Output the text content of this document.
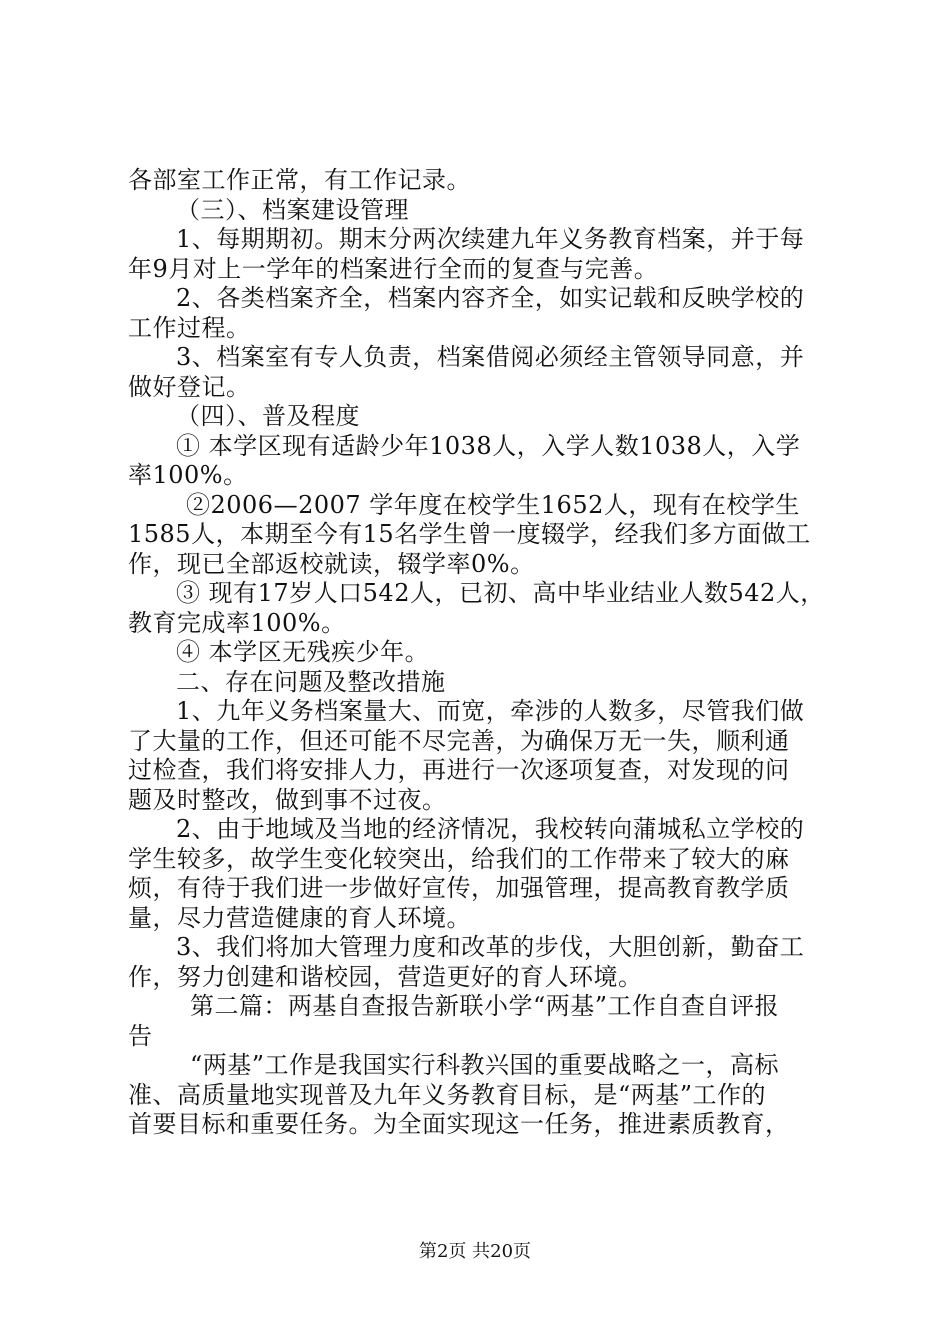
各部室工作正常，有工作记录。
（三）、档案建设管理
1、每期期初。期末分两次续建九年义务教育档案，并于每
年9月对上一学年的档案进行全而的复查与完善。
2、各类档案齐全，档案内容齐全，如实记载和反映学校的
工作过程。
3、档案室有专人负责，档案借阅必须经主管领导同意，并
做好登记。
（四）、普及程度
① 本学区现有适龄少年1038人，入学人数1038人，入学
率100%。
②2006—2007 学年度在校学生1652人，现有在校学生
1585人，本期至今有15名学生曾一度辍学，经我们多方面做工
作，现已全部返校就读，辍学率0%。
③ 现有17岁人口542人，已初、高中毕业结业人数542人，
教育完成率100%。
④ 本学区无残疾少年。
二、存在问题及整改措施
1、九年义务档案量大、而宽，牵涉的人数多，尽管我们做
了大量的工作，但还可能不尽完善，为确保万无一失，顺利通
过检查，我们将安排人力，再进行一次逐项复查，对发现的问
题及时整改，做到事不过夜。
2、由于地域及当地的经济情况，我校转向蒲城私立学校的
学生较多，故学生变化较突出，给我们的工作带来了较大的麻
烦，有待于我们进一步做好宣传，加强管理，提高教育教学质
量，尽力营造健康的育人环境。
3、我们将加大管理力度和改革的步伐，大胆创新，勤奋工
作，努力创建和谐校园，营造更好的育人环境。
第二篇：两基自查报告新联小学“两基”工作自查自评报
告
“两基”工作是我国实行科教兴国的重要战略之一，高标
准、高质量地实现普及九年义务教育目标，是“两基”工作的
首要目标和重要任务。为全面实现这一任务，推进素质教育，
第2页 共20页
